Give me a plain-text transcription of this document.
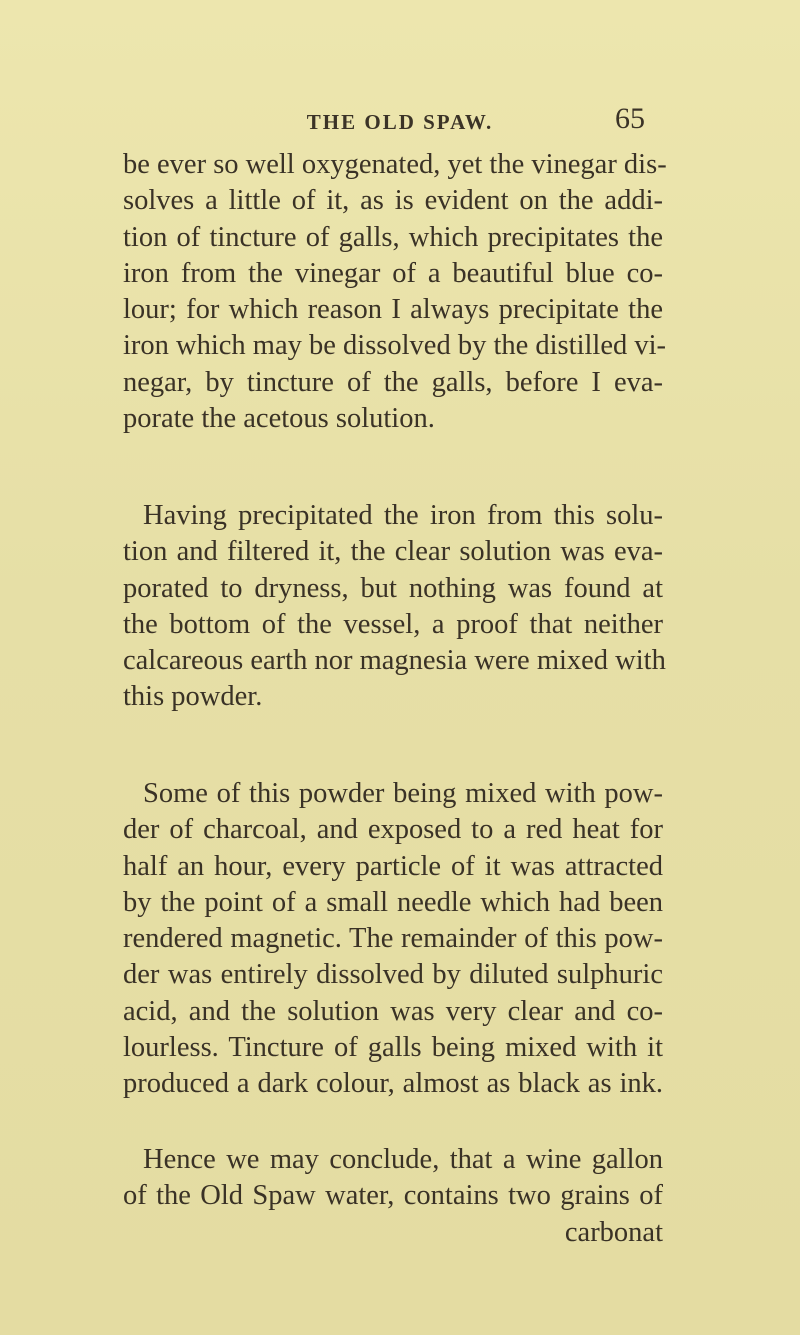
THE OLD SPAW.	65
be ever so well oxygenated, yet the vinegar dis-
solves a little of it, as is evident on the addi-
tion of tincture of galls, which precipitates the
iron from the vinegar of a beautiful blue co-
lour; for which reason I always precipitate the
iron which may be dissolved by the distilled vi-
negar, by tincture of the galls, before I eva-
porate the acetous solution.
Having precipitated the iron from this solu-
tion and filtered it, the clear solution was eva-
porated to dryness, but nothing was found at
the bottom of the vessel, a proof that neither
calcareous earth nor magnesia were mixed with
this powder.
Some of this powder being mixed with pow-
der of charcoal, and exposed to a red heat for
half an hour, every particle of it was attracted
by the point of a small needle which had been
rendered magnetic. The remainder of this pow-
der was entirely dissolved by diluted sulphuric
acid, and the solution was very clear and co-
lourless. Tincture of galls being mixed with it
produced a dark colour, almost as black as ink.
Hence we may conclude, that a wine gallon
of the Old Spaw water, contains two grains of
carbonat
